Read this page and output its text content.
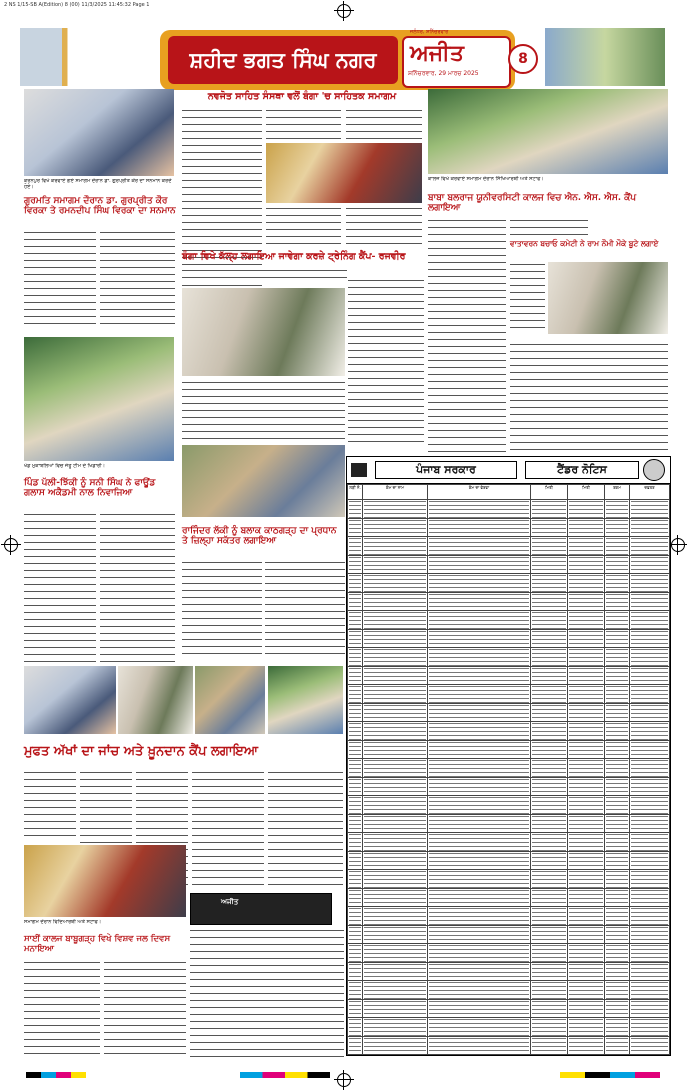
2 NS 1/15-SB A(Edition) 8 (00) 11/3/2025 11:45:32 Page 1
ਸ਼ਹੀਦ ਭਗਤ ਸਿੰਘ ਨਗਰ	ਅਜੀਤ
ਸ਼ਨਿੱਚਰਵਾਰ, 29 ਮਾਰਚ 2025
ਜਲੰਧਰ, ਸ਼ਨਿੱਚਰਵਾਰ
8
ਕਰਨਪੁਰ ਵਿਖੇ ਕਰਵਾਏ ਗਏ ਸਮਾਗਮ ਦੌਰਾਨ ਡਾ. ਗੁਰਪ੍ਰੀਤ ਕੌਰ ਦਾ ਸਨਮਾਨ ਕਰਦੇ ਹੋਏ।
ਗੁਰਮਤਿ ਸਮਾਗਮ ਦੌਰਾਨ ਡਾ. ਗੁਰਪ੍ਰੀਤ ਕੌਰ ਵਿਰਕਾ ਤੇ ਰਮਨਦੀਪ ਸਿੰਘ ਵਿਰਕਾ ਦਾ ਸਨਮਾਨ
ਖੇਡ ਮੁਕਾਬਲਿਆਂ ਵਿਚ ਜੇਤੂ ਟੀਮ ਦੇ ਖਿਡਾਰੀ।
ਪਿੰਡ ਪੱਲੀ-ਝਿੱਕੀ ਨੂੰ ਸਨੀ ਸਿੰਘ ਨੇ ਫਾਊਂਡ ਗਲਾਸ ਅਕੈਡਮੀ ਨਾਲ ਨਿਵਾਜਿਆ
ਨਵਜੋਤ ਸਾਹਿਤ ਸੰਸਥਾ ਵਲੋਂ ਬੰਗਾ 'ਚ ਸਾਹਿਤਕ ਸਮਾਗਮ
ਬੰਗਾ ਵਿਖੇ ਕੱਲ੍ਹ ਲਗਾਇਆ ਜਾਵੇਗਾ ਕਰਜ਼ੇ ਟ੍ਰੇਨਿੰਗ ਕੈਂਪ- ਰਜਵੀਰ
ਰਾਜਿੰਦਰ ਲੱਕੀ ਨੂੰ ਬਲਾਕ ਕਾਠਗੜ੍ਹ ਦਾ ਪ੍ਰਧਾਨ ਤੇ ਜ਼ਿਲ੍ਹਾ ਸਕੱਤਰ ਲਗਾਇਆ
ਮੁਫਤ ਅੱਖਾਂ ਦਾ ਜਾਂਚ ਅਤੇ ਖ਼ੂਨਦਾਨ ਕੈਂਪ ਲਗਾਇਆ
ਸਮਾਗਮ ਦੌਰਾਨ ਵਿਦਿਆਰਥੀ ਅਤੇ ਸਟਾਫ।
ਸਾਈਂ ਕਾਲਜ ਬਾਬੂਗੜ੍ਹ ਵਿਖੇ ਵਿਸ਼ਵ ਜਲ ਦਿਵਸ ਮਨਾਇਆ
ਅਜੀਤ
ਕਾਲਜ ਵਿਖੇ ਕਰਵਾਏ ਸਮਾਗਮ ਦੌਰਾਨ ਸਿੱਖਿਆਰਥੀ ਅਤੇ ਸਟਾਫ।
ਬਾਬਾ ਬਲਰਾਜ ਯੂਨੀਵਰਸਿਟੀ ਕਾਲਜ ਵਿਚ ਐਨ. ਐਸ. ਐਸ. ਕੈਂਪ ਲਗਾਇਆ
ਵਾਤਾਵਰਨ ਬਚਾਓ ਕਮੇਟੀ ਨੇ ਰਾਮ ਨੌਮੀ ਮੌਕੇ ਬੂਟੇ ਲਗਾਏ
ਪੰਜਾਬ ਸਰਕਾਰ	ਟੈਂਡਰ ਨੋਟਿਸ
ਲੜੀ ਨੰ.	ਕੰਮ ਦਾ ਨਾਮ	ਕੰਮ ਦਾ ਵੇਰਵਾ	ਮਿਤੀ	ਮਿਤੀ	ਰਕਮ	ਦਫ਼ਤਰ
